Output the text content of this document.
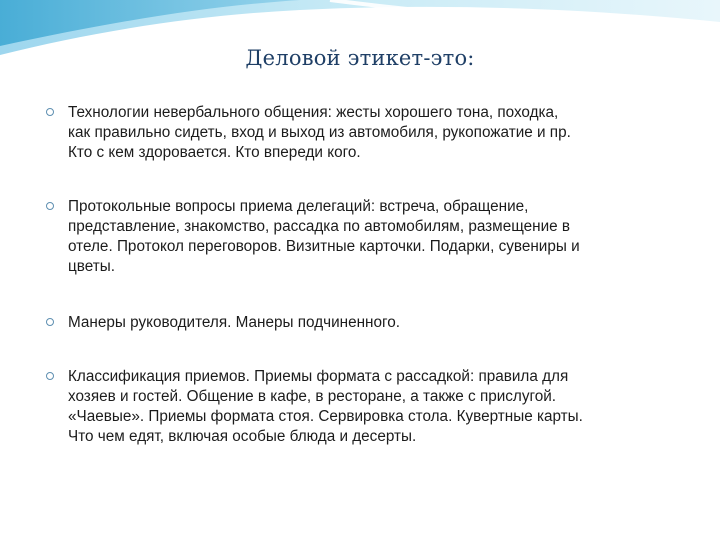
Деловой этикет-это:
Технологии невербального общения: жесты хорошего тона, походка,
как правильно сидеть, вход и выход из автомобиля, рукопожатие и пр.
Кто с кем здоровается. Кто впереди кого.
Протокольные вопросы приема делегаций: встреча, обращение,
представление, знакомство, рассадка по автомобилям, размещение в
отеле. Протокол переговоров. Визитные карточки. Подарки, сувениры и
цветы.
Манеры руководителя. Манеры подчиненного.
Классификация приемов. Приемы формата с рассадкой: правила для
хозяев и гостей. Общение в кафе, в ресторане, а также с прислугой.
«Чаевые». Приемы формата стоя. Сервировка стола. Кувертные карты.
Что чем едят, включая особые блюда и десерты.
